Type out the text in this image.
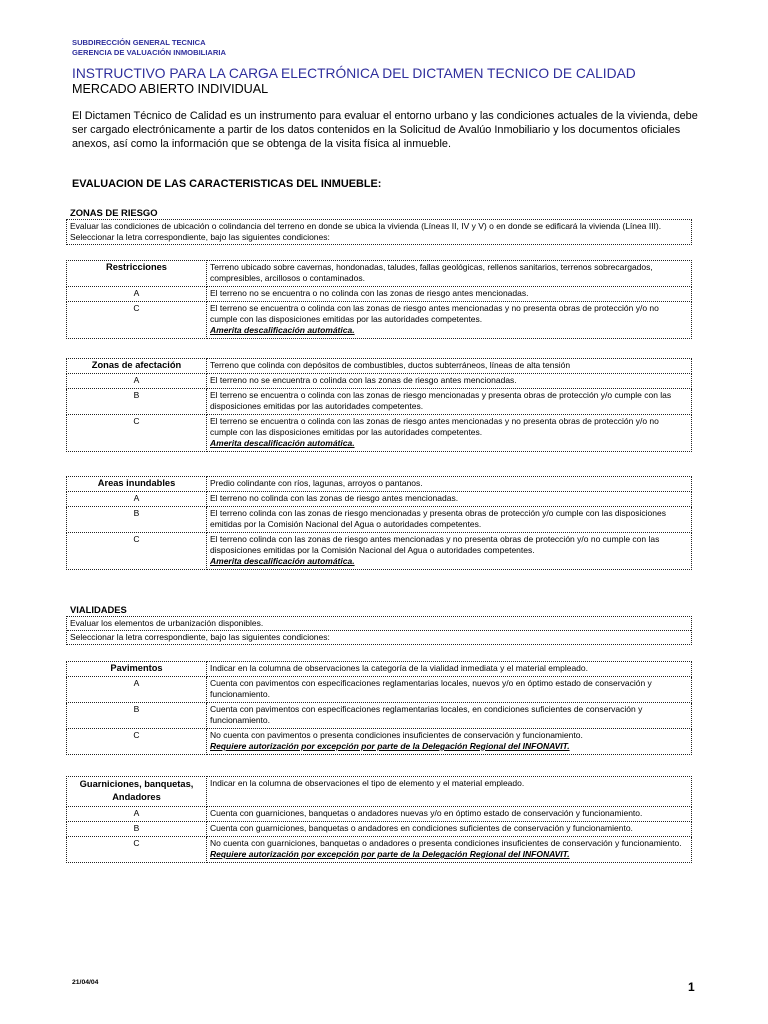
SUBDIRECCIÓN GENERAL TECNICA
GERENCIA DE VALUACIÓN INMOBILIARIA
INSTRUCTIVO PARA LA CARGA ELECTRÓNICA DEL DICTAMEN TECNICO DE CALIDAD
MERCADO ABIERTO INDIVIDUAL
El Dictamen Técnico de Calidad es un instrumento para evaluar el entorno urbano y las condiciones actuales de la vivienda, debe ser cargado electrónicamente a partir de los datos contenidos en la Solicitud de Avalúo Inmobiliario y los documentos oficiales anexos, así como la información que se obtenga de la visita física al inmueble.
EVALUACION DE LAS CARACTERISTICAS DEL INMUEBLE:
ZONAS DE RIESGO
Evaluar las condiciones de ubicación o colindancia del terreno en donde se ubica la vivienda (Líneas II, IV y V) o en donde se edificará la vivienda (Línea III). Seleccionar la letra correspondiente, bajo las siguientes condiciones:
Restricciones	Terreno ubicado sobre cavernas, hondonadas, taludes, fallas geológicas, rellenos sanitarios, terrenos sobrecargados, compresibles, arcillosos o contaminados.
A	El terreno no se encuentra o no colinda con las zonas de riesgo antes mencionadas.
C	El terreno se encuentra o colinda con las zonas de riesgo antes mencionadas y no presenta obras de protección y/o no cumple con las disposiciones emitidas por las autoridades competentes.
Amerita descalificación automática.
Zonas de afectación	Terreno que colinda con depósitos de combustibles, ductos subterráneos, líneas de alta tensión
A	El terreno no se encuentra o colinda con las zonas de riesgo antes mencionadas.
B	El terreno se encuentra o colinda con las zonas de riesgo mencionadas y presenta obras de protección y/o cumple con las disposiciones emitidas por las autoridades competentes.
C	El terreno se encuentra o colinda con las zonas de riesgo antes mencionadas y no presenta obras de protección y/o no cumple con las disposiciones emitidas por las autoridades competentes.
Amerita descalificación automática.
Areas inundables	Predio colindante con ríos, lagunas, arroyos o pantanos.
A	El terreno no colinda con las zonas de riesgo antes mencionadas.
B	El terreno colinda con las zonas de riesgo mencionadas y presenta obras de protección y/o cumple con las disposiciones emitidas por la Comisión Nacional del Agua o autoridades competentes.
C	El terreno colinda con las zonas de riesgo antes mencionadas y no presenta obras de protección y/o no cumple con las disposiciones emitidas por la Comisión Nacional del Agua o autoridades competentes.
Amerita descalificación automática.
VIALIDADES
Evaluar los elementos de urbanización disponibles.
Seleccionar la letra correspondiente, bajo las siguientes condiciones:
Pavimentos	Indicar en la columna de observaciones la categoría de la vialidad inmediata y el material empleado.
A	Cuenta con pavimentos con especificaciones reglamentarias locales, nuevos y/o en óptimo estado de conservación y funcionamiento.
B	Cuenta con pavimentos con especificaciones reglamentarias locales, en condiciones suficientes de conservación y funcionamiento.
C	No cuenta con pavimentos o presenta condiciones insuficientes de conservación y funcionamiento.
Requiere autorización por excepción por parte de la Delegación Regional del INFONAVIT.
Guarniciones, banquetas, Andadores	Indicar en la columna de observaciones el tipo de elemento y el material empleado.
A	Cuenta con guarniciones, banquetas o andadores nuevas y/o en óptimo estado de conservación y funcionamiento.
B	Cuenta con guarniciones, banquetas o andadores en condiciones suficientes de conservación y funcionamiento.
C	No cuenta con guarniciones, banquetas o andadores o presenta condiciones insuficientes de conservación y funcionamiento.
Requiere autorización por excepción por parte de la Delegación Regional del INFONAVIT.
21/04/04	1
